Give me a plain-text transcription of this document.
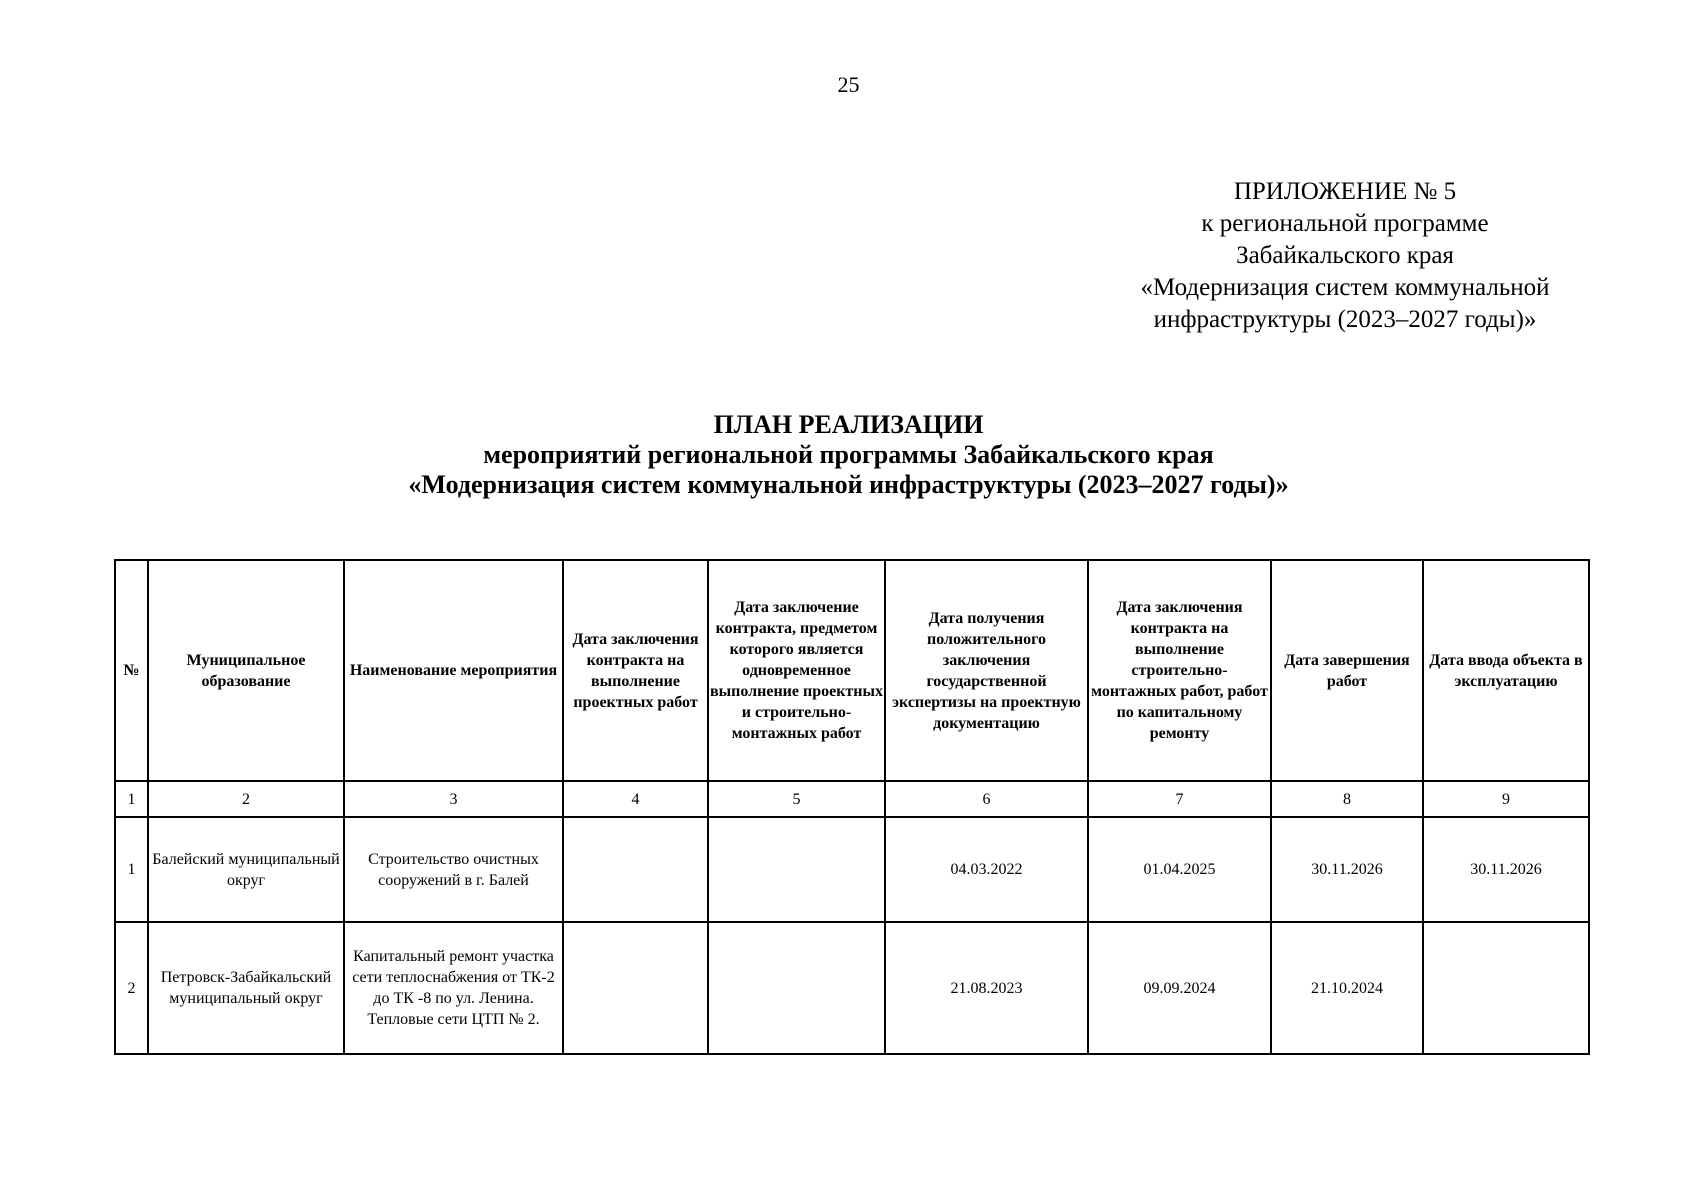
25
ПРИЛОЖЕНИЕ № 5
к региональной программе
Забайкальского края
«Модернизация систем коммунальной
инфраструктуры (2023–2027 годы)»
ПЛАН РЕАЛИЗАЦИИ
мероприятий региональной программы Забайкальского края
«Модернизация систем коммунальной инфраструктуры (2023–2027 годы)»
№	Муниципальное образование	Наименование мероприятия	Дата заключения контракта на выполнение проектных работ	Дата заключение контракта, предметом которого является одновременное выполнение проектных и строительно-монтажных работ	Дата получения положительного заключения государственной экспертизы на проектную документацию	Дата заключения контракта на выполнение строительно-монтажных работ, работ по капитальному ремонту	Дата завершения работ	Дата ввода объекта в эксплуатацию
1	2	3	4	5	6	7	8	9
1	Балейский муниципальный округ	Строительство очистных сооружений в г. Балей			04.03.2022	01.04.2025	30.11.2026	30.11.2026
2	Петровск-Забайкальский муниципальный округ	Капитальный ремонт участка сети теплоснабжения от ТК-2 до ТК -8 по ул. Ленина. Тепловые сети ЦТП № 2.			21.08.2023	09.09.2024	21.10.2024	
